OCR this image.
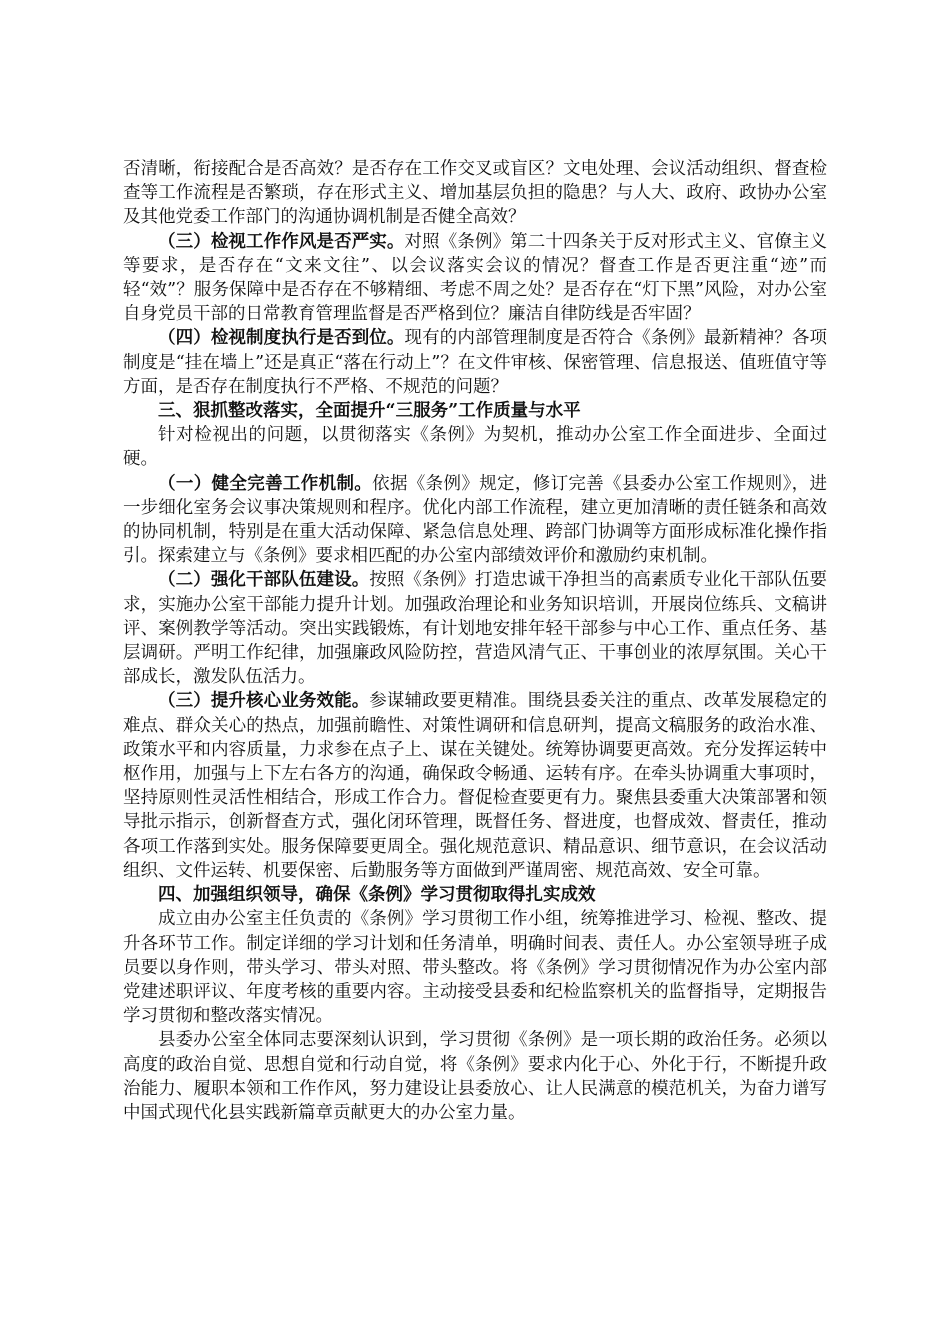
否清晰，衔接配合是否高效？是否存在工作交叉或盲区？文电处理、会议活动组织、督查检查等工作流程是否繁琐，存在形式主义、增加基层负担的隐患？与人大、政府、政协办公室及其他党委工作部门的沟通协调机制是否健全高效？

（三）检视工作作风是否严实。对照《条例》第二十四条关于反对形式主义、官僚主义等要求，是否存在“文来文往”、以会议落实会议的情况？督查工作是否更注重“迹”而轻“效”？服务保障中是否存在不够精细、考虑不周之处？是否存在“灯下黑”风险，对办公室自身党员干部的日常教育管理监督是否严格到位？廉洁自律防线是否牢固？

（四）检视制度执行是否到位。现有的内部管理制度是否符合《条例》最新精神？各项制度是“挂在墙上”还是真正“落在行动上”？在文件审核、保密管理、信息报送、值班值守等方面，是否存在制度执行不严格、不规范的问题？

三、狠抓整改落实，全面提升“三服务”工作质量与水平

针对检视出的问题，以贯彻落实《条例》为契机，推动办公室工作全面进步、全面过硬。

（一）健全完善工作机制。依据《条例》规定，修订完善《县委办公室工作规则》，进一步细化室务会议事决策规则和程序。优化内部工作流程，建立更加清晰的责任链条和高效的协同机制，特别是在重大活动保障、紧急信息处理、跨部门协调等方面形成标准化操作指引。探索建立与《条例》要求相匹配的办公室内部绩效评价和激励约束机制。

（二）强化干部队伍建设。按照《条例》打造忠诚干净担当的高素质专业化干部队伍要求，实施办公室干部能力提升计划。加强政治理论和业务知识培训，开展岗位练兵、文稿讲评、案例教学等活动。突出实践锻炼，有计划地安排年轻干部参与中心工作、重点任务、基层调研。严明工作纪律，加强廉政风险防控，营造风清气正、干事创业的浓厚氛围。关心干部成长，激发队伍活力。

（三）提升核心业务效能。参谋辅政要更精准。围绕县委关注的重点、改革发展稳定的难点、群众关心的热点，加强前瞻性、对策性调研和信息研判，提高文稿服务的政治水准、政策水平和内容质量，力求参在点子上、谋在关键处。统筹协调要更高效。充分发挥运转中枢作用，加强与上下左右各方的沟通，确保政令畅通、运转有序。在牵头协调重大事项时，坚持原则性灵活性相结合，形成工作合力。督促检查要更有力。聚焦县委重大决策部署和领导批示指示，创新督查方式，强化闭环管理，既督任务、督进度，也督成效、督责任，推动各项工作落到实处。服务保障要更周全。强化规范意识、精品意识、细节意识，在会议活动组织、文件运转、机要保密、后勤服务等方面做到严谨周密、规范高效、安全可靠。

四、加强组织领导，确保《条例》学习贯彻取得扎实成效

成立由办公室主任负责的《条例》学习贯彻工作小组，统筹推进学习、检视、整改、提升各环节工作。制定详细的学习计划和任务清单，明确时间表、责任人。办公室领导班子成员要以身作则，带头学习、带头对照、带头整改。将《条例》学习贯彻情况作为办公室内部党建述职评议、年度考核的重要内容。主动接受县委和纪检监察机关的监督指导，定期报告学习贯彻和整改落实情况。

县委办公室全体同志要深刻认识到，学习贯彻《条例》是一项长期的政治任务。必须以高度的政治自觉、思想自觉和行动自觉，将《条例》要求内化于心、外化于行，不断提升政治能力、履职本领和工作作风，努力建设让县委放心、让人民满意的模范机关，为奋力谱写中国式现代化县实践新篇章贡献更大的办公室力量。
